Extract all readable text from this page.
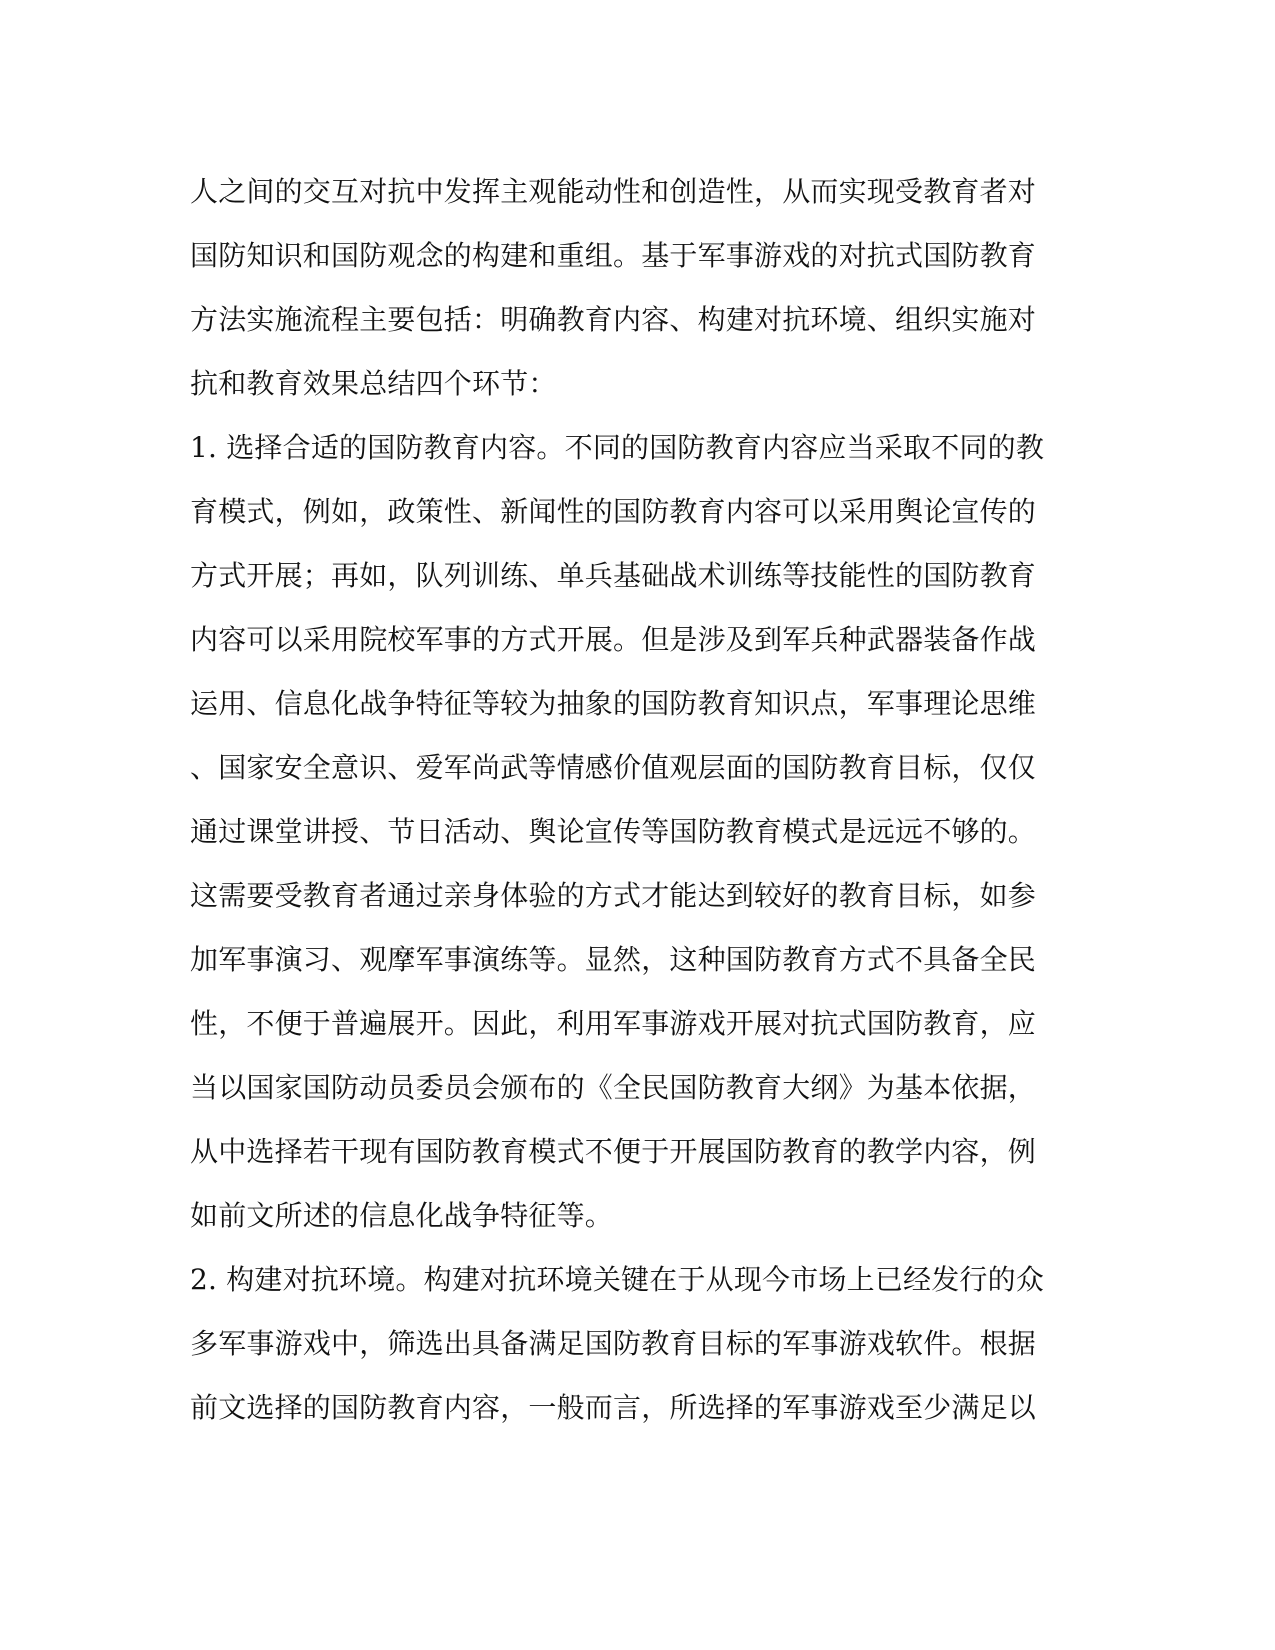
人之间的交互对抗中发挥主观能动性和创造性，从而实现受教育者对
国防知识和国防观念的构建和重组。基于军事游戏的对抗式国防教育
方法实施流程主要包括：明确教育内容、构建对抗环境、组织实施对
抗和教育效果总结四个环节：
1. 选择合适的国防教育内容。不同的国防教育内容应当采取不同的教
育模式，例如，政策性、新闻性的国防教育内容可以采用舆论宣传的
方式开展；再如，队列训练、单兵基础战术训练等技能性的国防教育
内容可以采用院校军事的方式开展。但是涉及到军兵种武器装备作战
运用、信息化战争特征等较为抽象的国防教育知识点，军事理论思维
、国家安全意识、爱军尚武等情感价值观层面的国防教育目标，仅仅
通过课堂讲授、节日活动、舆论宣传等国防教育模式是远远不够的。
这需要受教育者通过亲身体验的方式才能达到较好的教育目标，如参
加军事演习、观摩军事演练等。显然，这种国防教育方式不具备全民
性，不便于普遍展开。因此，利用军事游戏开展对抗式国防教育，应
当以国家国防动员委员会颁布的《全民国防教育大纲》为基本依据，
从中选择若干现有国防教育模式不便于开展国防教育的教学内容，例
如前文所述的信息化战争特征等。
2. 构建对抗环境。构建对抗环境关键在于从现今市场上已经发行的众
多军事游戏中，筛选出具备满足国防教育目标的军事游戏软件。根据
前文选择的国防教育内容，一般而言，所选择的军事游戏至少满足以
